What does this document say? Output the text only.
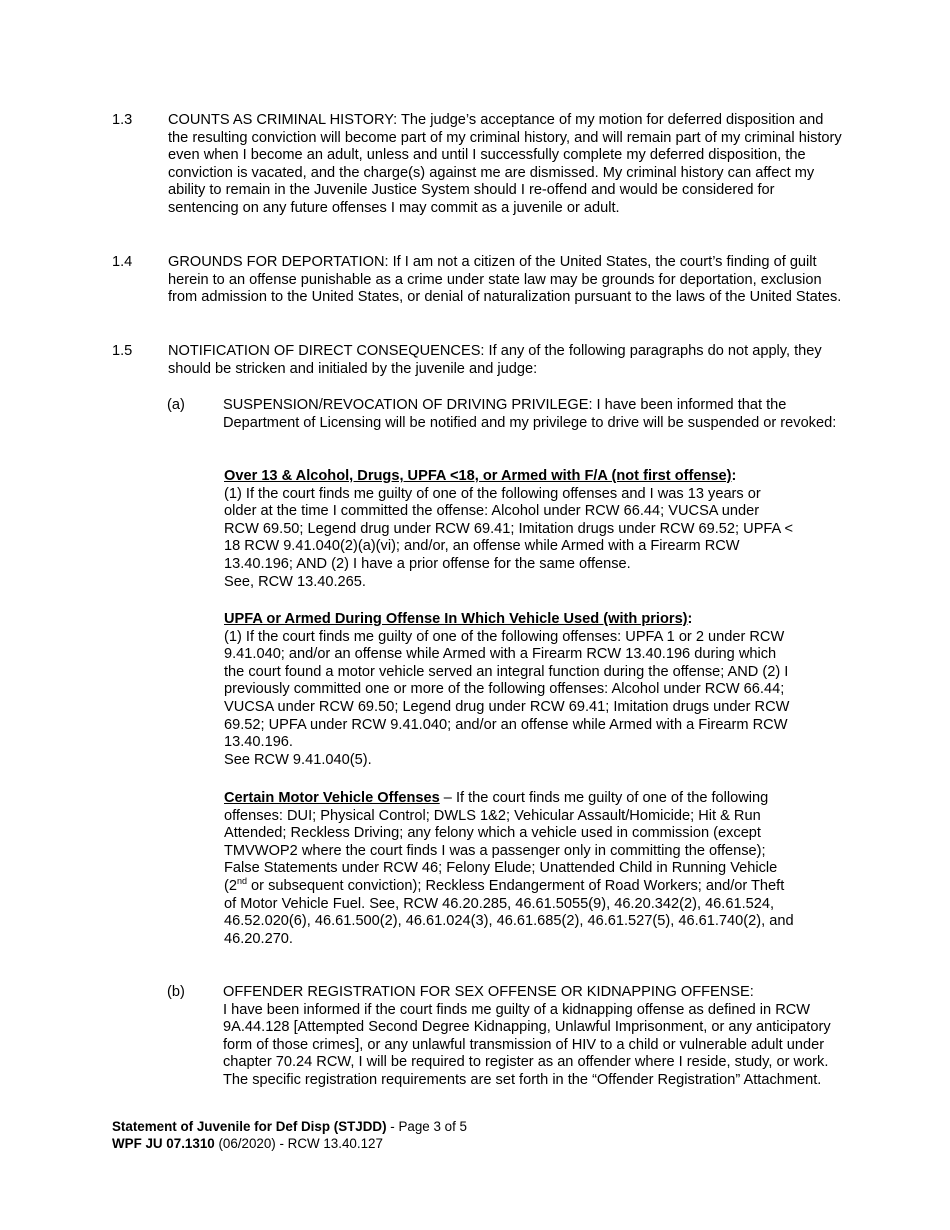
1.3 COUNTS AS CRIMINAL HISTORY: The judge’s acceptance of my motion for deferred disposition and the resulting conviction will become part of my criminal history, and will remain part of my criminal history even when I become an adult, unless and until I successfully complete my deferred disposition, the conviction is vacated, and the charge(s) against me are dismissed. My criminal history can affect my ability to remain in the Juvenile Justice System should I re-offend and would be considered for sentencing on any future offenses I may commit as a juvenile or adult.
1.4 GROUNDS FOR DEPORTATION: If I am not a citizen of the United States, the court’s finding of guilt herein to an offense punishable as a crime under state law may be grounds for deportation, exclusion from admission to the United States, or denial of naturalization pursuant to the laws of the United States.
1.5 NOTIFICATION OF DIRECT CONSEQUENCES: If any of the following paragraphs do not apply, they should be stricken and initialed by the juvenile and judge:
(a)	SUSPENSION/REVOCATION OF DRIVING PRIVILEGE: I have been informed that the Department of Licensing will be notified and my privilege to drive will be suspended or revoked:
Over 13 & Alcohol, Drugs, UPFA <18, or Armed with F/A (not first offense):
(1) If the court finds me guilty of one of the following offenses and I was 13 years or older at the time I committed the offense: Alcohol under RCW 66.44; VUCSA under RCW 69.50; Legend drug under RCW 69.41; Imitation drugs under RCW 69.52; UPFA < 18 RCW 9.41.040(2)(a)(vi); and/or, an offense while Armed with a Firearm RCW 13.40.196; AND (2) I have a prior offense for the same offense.
See, RCW 13.40.265.
UPFA or Armed During Offense In Which Vehicle Used (with priors):
(1) If the court finds me guilty of one of the following offenses: UPFA 1 or 2 under RCW 9.41.040; and/or an offense while Armed with a Firearm RCW 13.40.196 during which the court found a motor vehicle served an integral function during the offense; AND (2) I previously committed one or more of the following offenses: Alcohol under RCW 66.44; VUCSA under RCW 69.50; Legend drug under RCW 69.41; Imitation drugs under RCW 69.52; UPFA under RCW 9.41.040; and/or an offense while Armed with a Firearm RCW 13.40.196.
See RCW 9.41.040(5).
Certain Motor Vehicle Offenses – If the court finds me guilty of one of the following offenses: DUI; Physical Control; DWLS 1&2; Vehicular Assault/Homicide; Hit & Run Attended; Reckless Driving; any felony which a vehicle used in commission (except TMVWOP2 where the court finds I was a passenger only in committing the offense); False Statements under RCW 46; Felony Elude; Unattended Child in Running Vehicle (2nd or subsequent conviction); Reckless Endangerment of Road Workers; and/or Theft of Motor Vehicle Fuel. See, RCW 46.20.285, 46.61.5055(9), 46.20.342(2), 46.61.524, 46.52.020(6), 46.61.500(2), 46.61.024(3), 46.61.685(2), 46.61.527(5), 46.61.740(2), and 46.20.270.
(b)	OFFENDER REGISTRATION FOR SEX OFFENSE OR KIDNAPPING OFFENSE:
I have been informed if the court finds me guilty of a kidnapping offense as defined in RCW 9A.44.128 [Attempted Second Degree Kidnapping, Unlawful Imprisonment, or any anticipatory form of those crimes], or any unlawful transmission of HIV to a child or vulnerable adult under chapter 70.24 RCW, I will be required to register as an offender where I reside, study, or work. The specific registration requirements are set forth in the “Offender Registration” Attachment.
Statement of Juvenile for Def Disp (STJDD) - Page 3 of 5
WPF JU 07.1310 (06/2020) - RCW 13.40.127
